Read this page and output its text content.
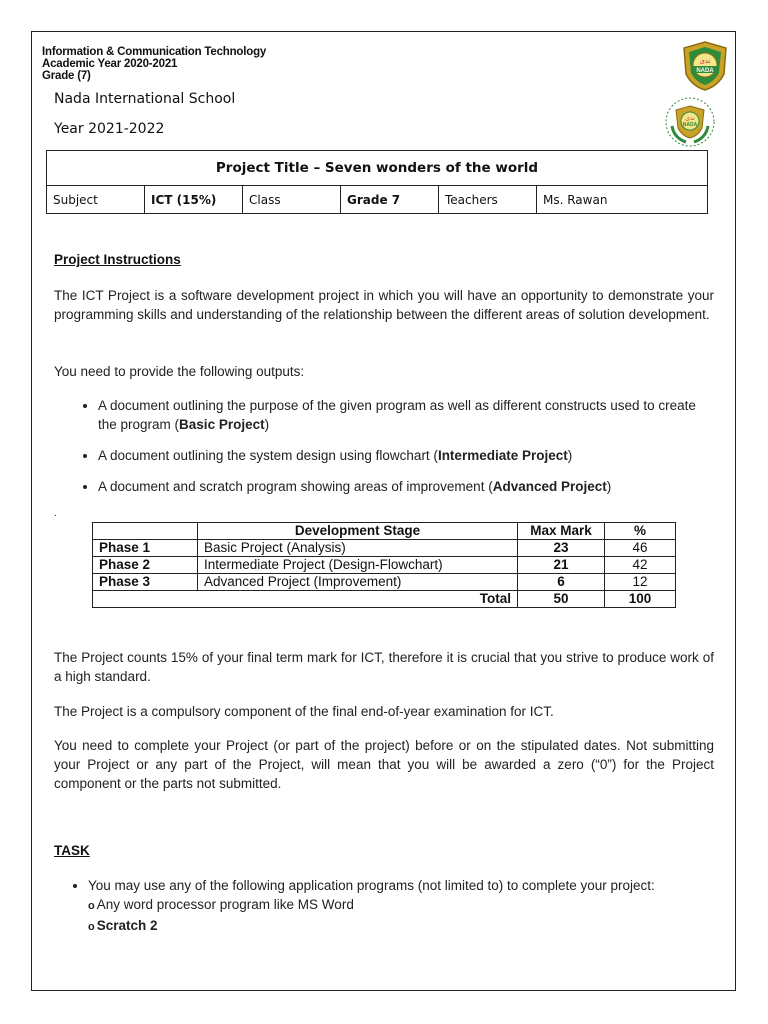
Information & Communication Technology
Academic Year 2020-2021
Grade (7)
Nada International School
Year 2021-2022
ندى
NADA
ندى
NADA
Project Title – Seven wonders of the world
Subject	ICT (15%)	Class	Grade 7	Teachers	Ms. Rawan
Project Instructions
The ICT Project is a software development project in which you will have an opportunity to demonstrate your programming skills and understanding of the relationship between the different areas of solution development.
You need to provide the following outputs:
• A document outlining the purpose of the given program as well as different constructs used to create the program (Basic Project)
• A document outlining the system design using flowchart (Intermediate Project)
• A document and scratch program showing areas of improvement (Advanced Project)
.
	Development Stage	Max Mark	%
Phase 1	Basic Project (Analysis)	23	46
Phase 2	Intermediate Project (Design-Flowchart)	21	42
Phase 3	Advanced Project (Improvement)	6	12
Total		50	100
The Project counts 15% of your final term mark for ICT, therefore it is crucial that you strive to produce work of a high standard.
The Project is a compulsory component of the final end-of-year examination for ICT.
You need to complete your Project (or part of the project) before or on the stipulated dates. Not submitting your Project or any part of the Project, will mean that you will be awarded a zero (“0”) for the Project component or the parts not submitted.
TASK
• You may use any of the following application programs (not limited to) to complete your project:
o Any word processor program like MS Word
o Scratch 2
